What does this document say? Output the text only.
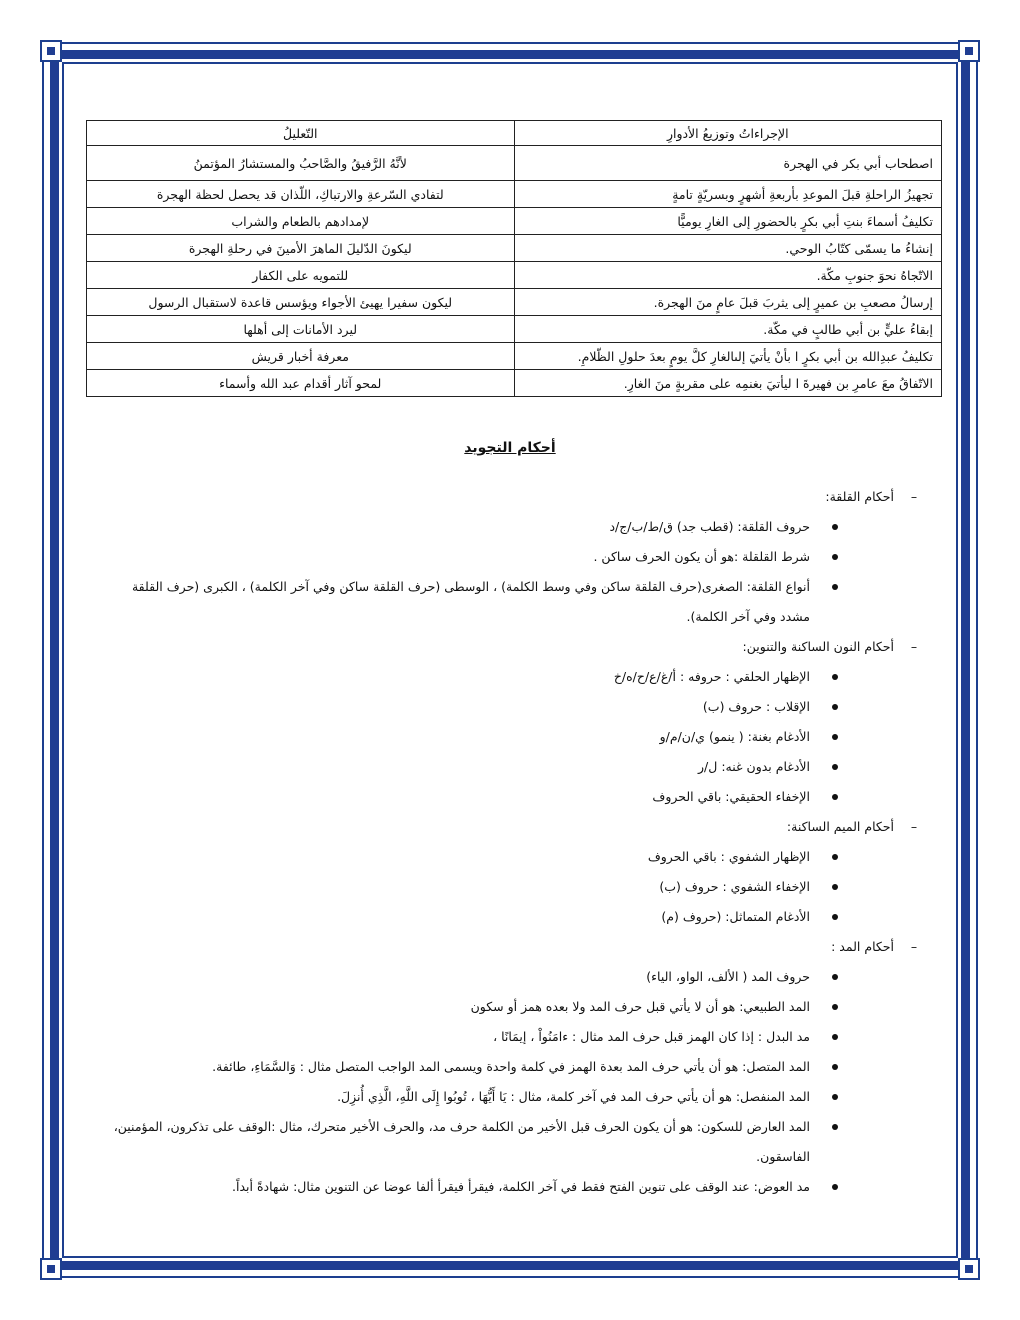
الإجراءاتُ وتوزيعُ الأدوارِ	التّعليلُ
اصطحاب أبي بكر في الهجرة	لأنَّهُ الرَّفيقُ والصَّاحبُ والمستشارُ المؤتمنُ
تجهيزُ الراحلةِ قبلَ الموعدِ بأربعةِ أشهرٍ وبسريّةٍ تامةٍ	لتفادي السّرعةِ والارتباكِ، اللّذان قد يحصل لحظة الهجرة
تكليفُ أسماءَ بنتِ أبي بكرٍ بالحضورِ إلى الغارِ يوميًّا	لإمدادهم بالطعام والشراب
إنشاءُ ما يسمّى كتّابُ الوحي.	ليكونَ الدّليلَ الماهرَ الأمينَ في رحلةِ الهجرة
الاتّجاهُ نحوَ جنوبِ مكّة.	للتمويه على الكفار
إرسالُ مصعبِ بن عميرٍ إلى يثربَ قبلَ عامٍ منَ الهجرة.	ليكون سفيرا يهيئ الأجواء ويؤسس قاعدة لاستقبال الرسول
إبقاءُ عليٍّ بن أبي طالبٍ في مكّة.	ليرد الأمانات إلى أهلها
تكليفُ عبدِالله بن أبي بكرٍ ا بأنْ يأتيَ إلىالغارِ كلَّ يومٍ بعدَ حلولِ الظّلامِ.	معرفة أخبار قريش
الاتّفاقُ معَ عامرِ بن فهيرةَ ا ليأتيَ بغنمِه على مقربةٍ منَ الغارِ.	لمحو آثار أقدام عبد الله وأسماء
أحكام التجويد
–
أحكام القلقة:
حروف القلقة: (قطب جد) ق/ط/ب/ج/د
شرط القلقلة :هو أن يكون الحرف ساكن .
أنواع القلقة: الصغرى(حرف القلقة ساكن وفي وسط الكلمة) ، الوسطى (حرف القلقة ساكن وفي آخر الكلمة) ، الكبرى (حرف القلقة مشدد وفي آخر الكلمة).
–
أحكام النون الساكنة والتنوين:
الإظهار الحلقي : حروفه : أ/غ/ع/ح/ه/خ
الإقلاب : حروف (ب)
الأدغام بغنة: ( ينمو) ي/ن/م/و
الأدغام بدون غنه: ل/ر
الإخفاء الحقيقي: باقي الحروف
–
أحكام الميم الساكنة:
الإظهار الشفوي : باقي الحروف
الإخفاء الشفوي : حروف (ب)
الأدغام المتماثل: (حروف (م)
–
أحكام المد :
حروف المد ( الألف، الواو، الياء)
المد الطبيعي: هو أن لا يأتي قبل حرف المد ولا بعده همز أو سكون
مد البدل : إذا كان الهمز قبل حرف المد مثال : ءامَنُواْ ، إيمَانًا ،
المد المتصل: هو أن يأتي حرف المد بعدة الهمز في كلمة واحدة ويسمى المد الواجب المتصل مثال : وَالسَّمَاءِ، طائفة.
المد المنفصل: هو أن يأتي حرف المد في آخر كلمة، مثال : يَا أَيُّهَا ، تُوبُوا إِلَى اللَّهِ، الَّذِي أُنزِلَ.
المد العارض للسكون: هو أن يكون الحرف قبل الأخير من الكلمة حرف مد، والحرف الأخير متحرك، مثال :الوقف على تذكرون، المؤمنين، الفاسقون.
مد العوض: عند الوقف على تنوين الفتح فقط في آخر الكلمة، فيقرأ فيقرأ ألفا عوضا عن التنوين مثال: شهادةً أبداً.
